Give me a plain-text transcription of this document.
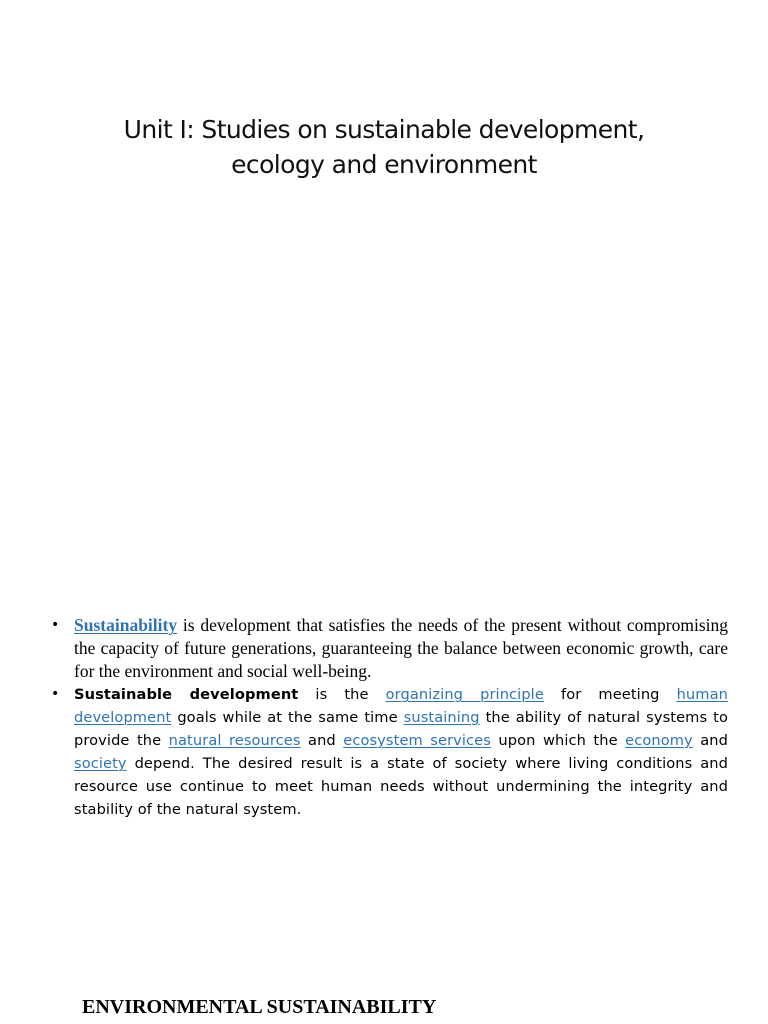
Unit I: Studies on sustainable development,
ecology and environment
• Sustainability is development that satisfies the needs of the present without compromising the capacity of future generations, guaranteeing the balance between economic growth, care for the environment and social well-being.
• Sustainable development is the organizing principle for meeting human development goals while at the same time sustaining the ability of natural systems to provide the natural resources and ecosystem services upon which the economy and society depend. The desired result is a state of society where living conditions and resource use continue to meet human needs without undermining the integrity and stability of the natural system.
ENVIRONMENTAL SUSTAINABILITY
